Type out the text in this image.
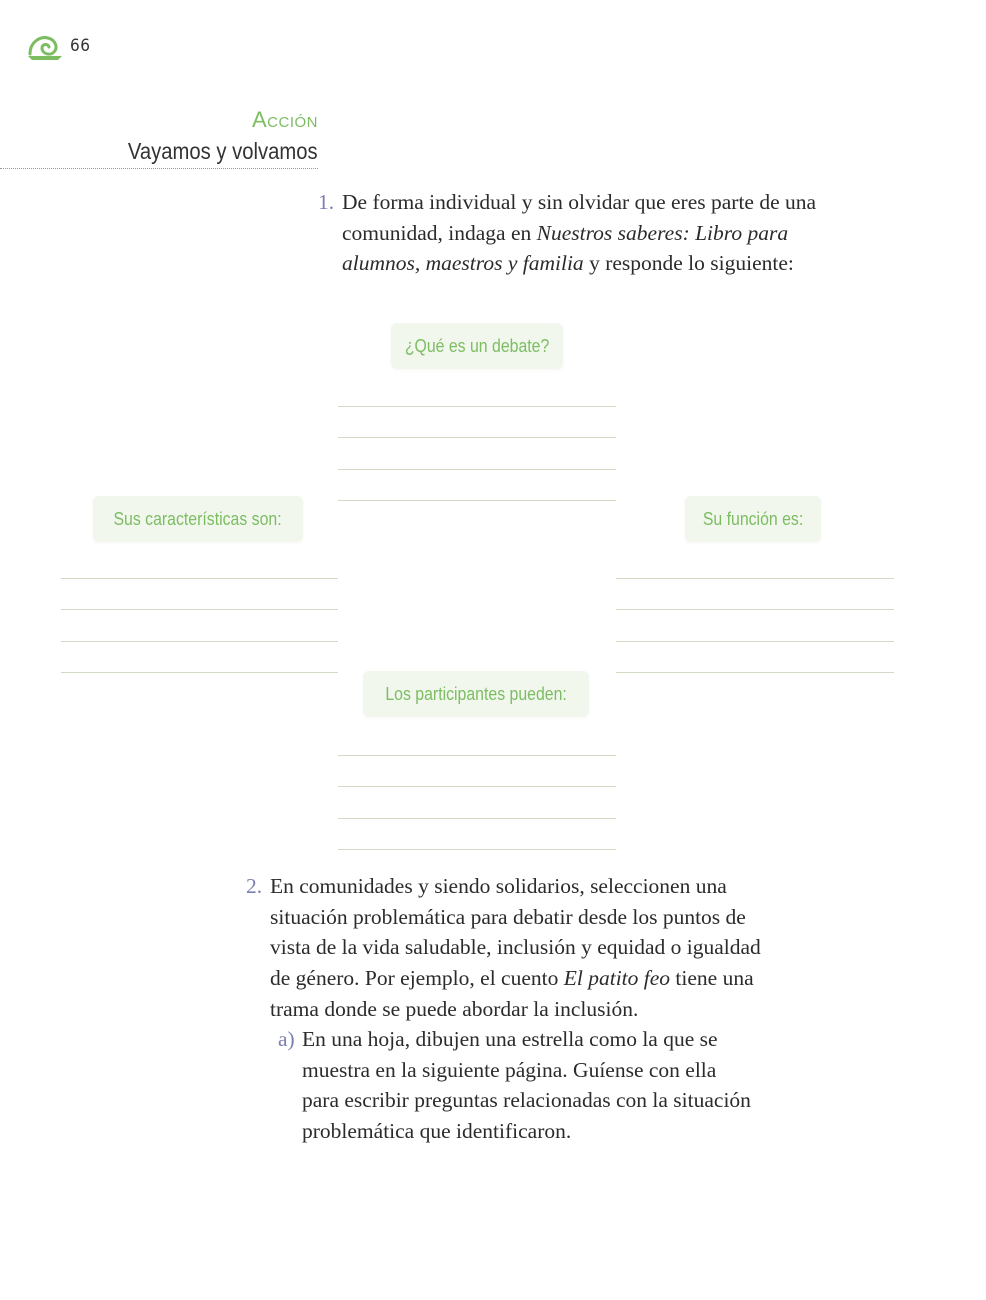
66
Acción
Vayamos y volvamos
1. De forma individual y sin olvidar que eres parte de una comunidad, indaga en Nuestros saberes: Libro para alumnos, maestros y familia y responde lo siguiente:

¿Qué es un debate?
Sus características son:	Su función es:
Los participantes pueden:
2. En comunidades y siendo solidarios, seleccionen una situación problemática para debatir desde los puntos de vista de la vida saludable, inclusión y equidad o igualdad de género. Por ejemplo, el cuento El patito feo tiene una trama donde se puede abordar la inclusión.

a) En una hoja, dibujen una estrella como la que se muestra en la siguiente página. Guíense con ella para escribir preguntas relacionadas con la situación problemática que identificaron.
